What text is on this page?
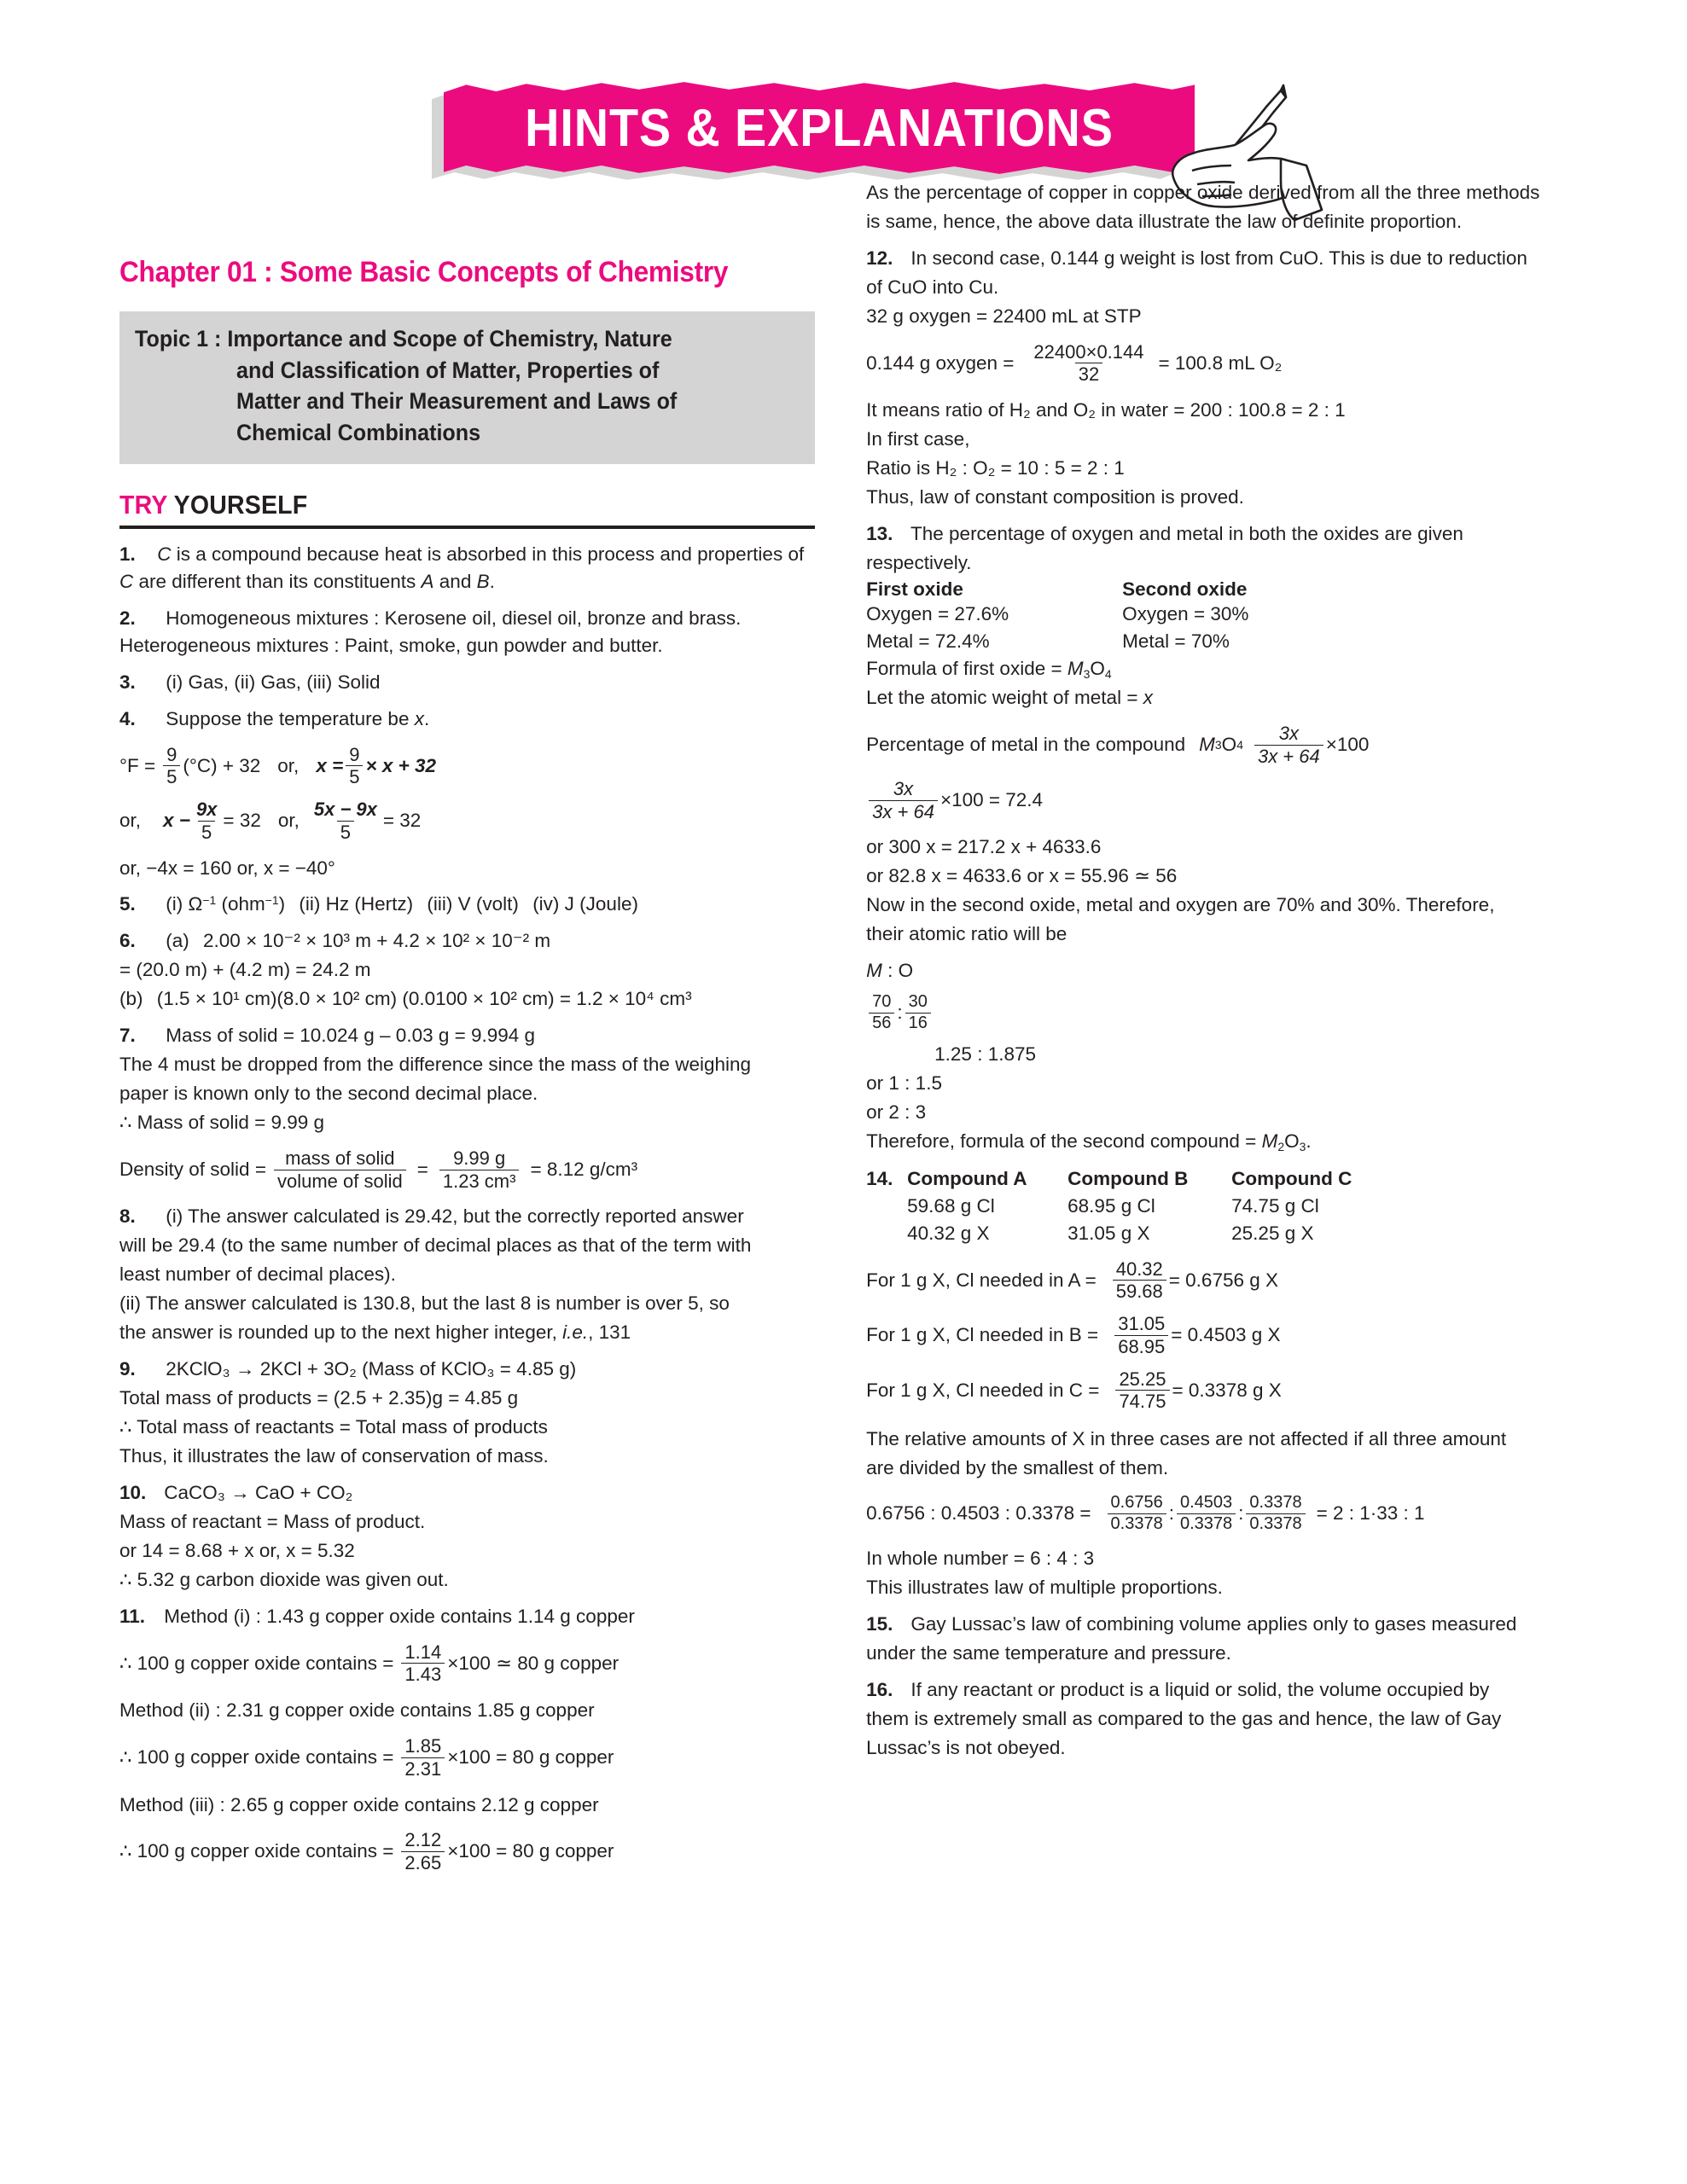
HINTS & EXPLANATIONS
Chapter 01 : Some Basic Concepts of Chemistry
Topic 1 : Importance and Scope of Chemistry, Nature
and Classification of Matter, Properties of
Matter and Their Measurement and Laws of
Chemical Combinations
TRY YOURSELF

1. C is a compound because heat is absorbed in this process and properties of C are different than its constituents A and B.

2. Homogeneous mixtures : Kerosene oil, diesel oil, bronze and brass.
Heterogeneous mixtures : Paint, smoke, gun powder and butter.

3. (i) Gas, (ii) Gas, (iii) Solid

4. Suppose the temperature be x.

$^\circ F = \frac{9}{5} (^\circ C) + 32$ or, $x = \frac{9}{5} \times x + 32$
or, $x - \frac{9x}{5} = 32$ or, $\frac{5x - 9x}{5} = 32$

or, −4x = 160 or, x = −40°

5. (i) $\Omega^{-1}$ (ohm$^{-1}$) (ii) Hz (Hertz) (iii) V (volt) (iv) J (Joule)

6. (a) 2.00 × 10⁻² × 10³ m + 4.2 × 10² × 10⁻² m

= (20.0 m) + (4.2 m) = 24.2 m

(b) (1.5 × 10¹ cm)(8.0 × 10² cm) (0.0100 × 10² cm) = 1.2 × 10⁴ cm³

7. Mass of solid = 10.024 g – 0.03 g = 9.994 g

The 4 must be dropped from the difference since the mass of the weighing

paper is known only to the second decimal place.

∴ Mass of solid = 9.99 g

Density of solid = $\frac{\text{mass of solid}}{\text{volume of solid}} = \frac{9.99 g}{\text{1.23 cm³}} = 8.12$ g/cm³

8. (i) The answer calculated is 29.42, but the correctly reported answer

will be 29.4 (to the same number of decimal places as that of the term with

least number of decimal places).

(ii) The answer calculated is 130.8, but the last 8 is number is over 5, so

the answer is rounded up to the next higher integer, i.e., 131

9. 2KClO₃ → 2KCl + 3O₂ (Mass of KClO₃ = 4.85 g)

Total mass of products = (2.5 + 2.35)g = 4.85 g

∴ Total mass of reactants = Total mass of products

Thus, it illustrates the law of conservation of mass.

10. CaCO₃ → CaO + CO₂

Mass of reactant = Mass of product.

or 14 = 8.68 + x or, x = 5.32

∴ 5.32 g carbon dioxide was given out.

11. Method (i) : 1.43 g copper oxide contains 1.14 g copper

∴ 100 g copper oxide contains = $\frac{1.14}{1.43} \times 100$ ≃ 80 g copper

Method (ii) : 2.31 g copper oxide contains 1.85 g copper

∴ 100 g copper oxide contains = $\frac{1.85}{2.31} \times 100 = 80$ g copper

Method (iii) : 2.65 g copper oxide contains 2.12 g copper

∴ 100 g copper oxide contains = $\frac{2.12}{2.65} \times 100 = 80$ g copper

As the percentage of copper in copper oxide derived from all the three methods

is same, hence, the above data illustrate the law of definite proportion.

12. In second case, 0.144 g weight is lost from CuO. This is due to reduction

of CuO into Cu.

32 g oxygen = 22400 mL at STP

0.144 g oxygen = $\frac{22400\times 0.144}{32} = 100.8$ mL O₂

It means ratio of H₂ and O₂ in water = 200 : 100.8 = 2 : 1

In first case,

Ratio is H₂ : O₂ = 10 : 5 = 2 : 1

Thus, law of constant composition is proved.

13. The percentage of oxygen and metal in both the oxides are given

respectively.

First oxide	Second oxide
Oxygen = 27.6%	Oxygen = 30%
Metal = 72.4%	Metal = 70%

Formula of first oxide = $M_3O_4$

Let the atomic weight of metal = x

Percentage of metal in the compound M 3 O $4 \frac{3x}{3x + 64} \times 100$
$\frac{3x}{3x + 64} \times 100 = 72.4$

or 300 x = 217.2 x + 4633.6

or 82.8 x = 4633.6 or x = 55.96 ≃ 56

Now in the second oxide, metal and oxygen are 70% and 30%. Therefore,

their atomic ratio will be

M : O

$\frac{70}{56}$ : $\frac{30}{16}$

1.25 : 1.875

or 1 : 1.5

or 2 : 3

Therefore, formula of the second compound = $M_2O_3$.

14. Compound A	Compound B	Compound C
59.68 g Cl	68.95 g Cl	74.75 g Cl
40.32 g X	31.05 g X	25.25 g X
For 1 g X, Cl needed in $A = \frac{40.32}{59.68} = 0.6756$ g X
For 1 g X, Cl needed in $B = \frac{31.05}{68.95} = 0.4503$ g X
For 1 g X, Cl needed in $C = \frac{25.25}{74.75} = 0.3378$ g X

The relative amounts of X in three cases are not affected if all three amount

are divided by the smallest of them.

0.6756 : 0.4503 : $0.3378 = \frac{0.6756}{0.3378}$ : $\frac{0.4503}{0.3378}$ : $\frac{0.3378}{0.3378} = 2$ : 1·33 : 1

In whole number = 6 : 4 : 3

This illustrates law of multiple proportions.

15. Gay Lussac’s law of combining volume applies only to gases measured

under the same temperature and pressure.

16. If any reactant or product is a liquid or solid, the volume occupied by

them is extremely small as compared to the gas and hence, the law of Gay

Lussac’s is not obeyed.
